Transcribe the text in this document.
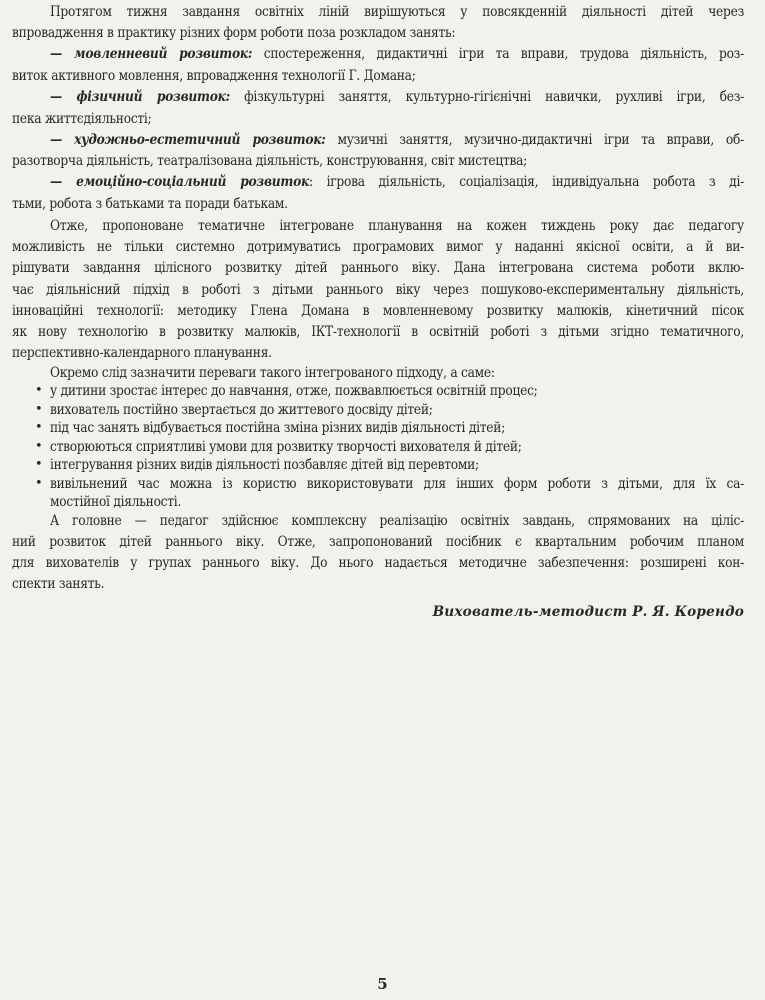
Протягом тижня завдання освітніх ліній вирішуються у повсякденній діяльності дітей через
впровадження в практику різних форм роботи поза розкладом занять:
— мовленневий розвиток: спостереження, дидактичні ігри та вправи, трудова діяльність, роз-
виток активного мовлення, впровадження технології Г. Домана;
— фізичний розвиток: фізкультурні заняття, культурно-гігієнічні навички, рухливі ігри, без-
пека життєдіяльності;
— художньо-естетичний розвиток: музичні заняття, музично-дидактичні ігри та вправи, об-
разотворча діяльність, театралізована діяльність, конструювання, світ мистецтва;
— емоційно-соціальний розвиток: ігрова діяльність, соціалізація, індивідуальна робота з ді-
тьми, робота з батьками та поради батькам.
Отже, пропоноване тематичне інтегроване планування на кожен тиждень року дає педагогу
можливість не тільки системно дотримуватись програмових вимог у наданні якісної освіти, а й ви-
рішувати завдання цілісного розвитку дітей раннього віку. Дана інтегрована система роботи вклю-
чає діяльнісний підхід в роботі з дітьми раннього віку через пошуково-експериментальну діяльність,
інноваційні технології: методику Глена Домана в мовленневому розвитку малюків, кінетичний пісок
як нову технологію в розвитку малюків, ІКТ-технології в освітній роботі з дітьми згідно тематичного,
перспективно-календарного планування.
Окремо слід зазначити переваги такого інтегрованого підходу, а саме:
• у дитини зростає інтерес до навчання, отже, пожвавлюється освітній процес;
• вихователь постійно звертається до життевого досвіду дітей;
• під час занять відбувається постійна зміна різних видів діяльності дітей;
• створюються сприятливі умови для розвитку творчості вихователя й дітей;
• інтегрування різних видів діяльності позбавляє дітей від перевтоми;
• вивільнений час можна із користю використовувати для інших форм роботи з дітьми, для їх са-
мостійної діяльності.
А головне — педагог здійснює комплексну реалізацію освітніх завдань, спрямованих на ціліс-
ний розвиток дітей раннього віку. Отже, запропонований посібник є квартальним робочим планом
для вихователів у групах раннього віку. До нього надається методичне забезпечення: розширені кон-
спекти занять.
Вихователь-методист Р. Я. Корендо
5
